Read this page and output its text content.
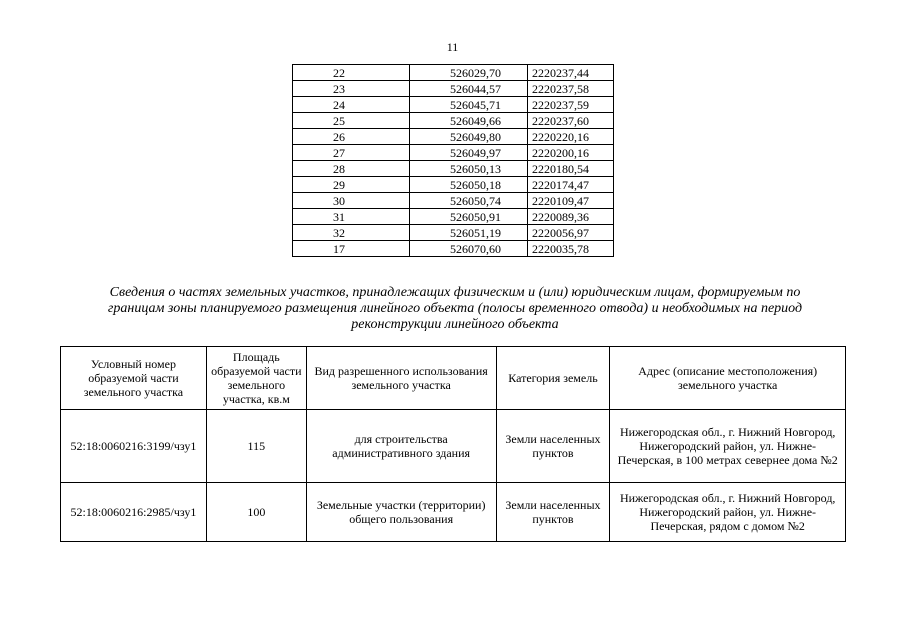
11
22	526029,70	2220237,44
23	526044,57	2220237,58
24	526045,71	2220237,59
25	526049,66	2220237,60
26	526049,80	2220220,16
27	526049,97	2220200,16
28	526050,13	2220180,54
29	526050,18	2220174,47
30	526050,74	2220109,47
31	526050,91	2220089,36
32	526051,19	2220056,97
17	526070,60	2220035,78
Сведения о частях земельных участков, принадлежащих физическим и (или) юридическим лицам, формируемым по
границам зоны планируемого размещения линейного объекта (полосы временного отвода) и необходимых на период
реконструкции линейного объекта
Условный номер образуемой части земельного участка	Площадь образуемой части земельного участка, кв.м	Вид разрешенного использования земельного участка	Категория земель	Адрес (описание местоположения) земельного участка
52:18:0060216:3199/чзу1	115	для строительства административного здания	Земли населенных пунктов	Нижегородская обл., г. Нижний Новгород, Нижегородский район, ул. Нижне-Печерская, в 100 метрах севернее дома №2
52:18:0060216:2985/чзу1	100	Земельные участки (территории) общего пользования	Земли населенных пунктов	Нижегородская обл., г. Нижний Новгород, Нижегородский район, ул. Нижне-Печерская, рядом с домом №2
